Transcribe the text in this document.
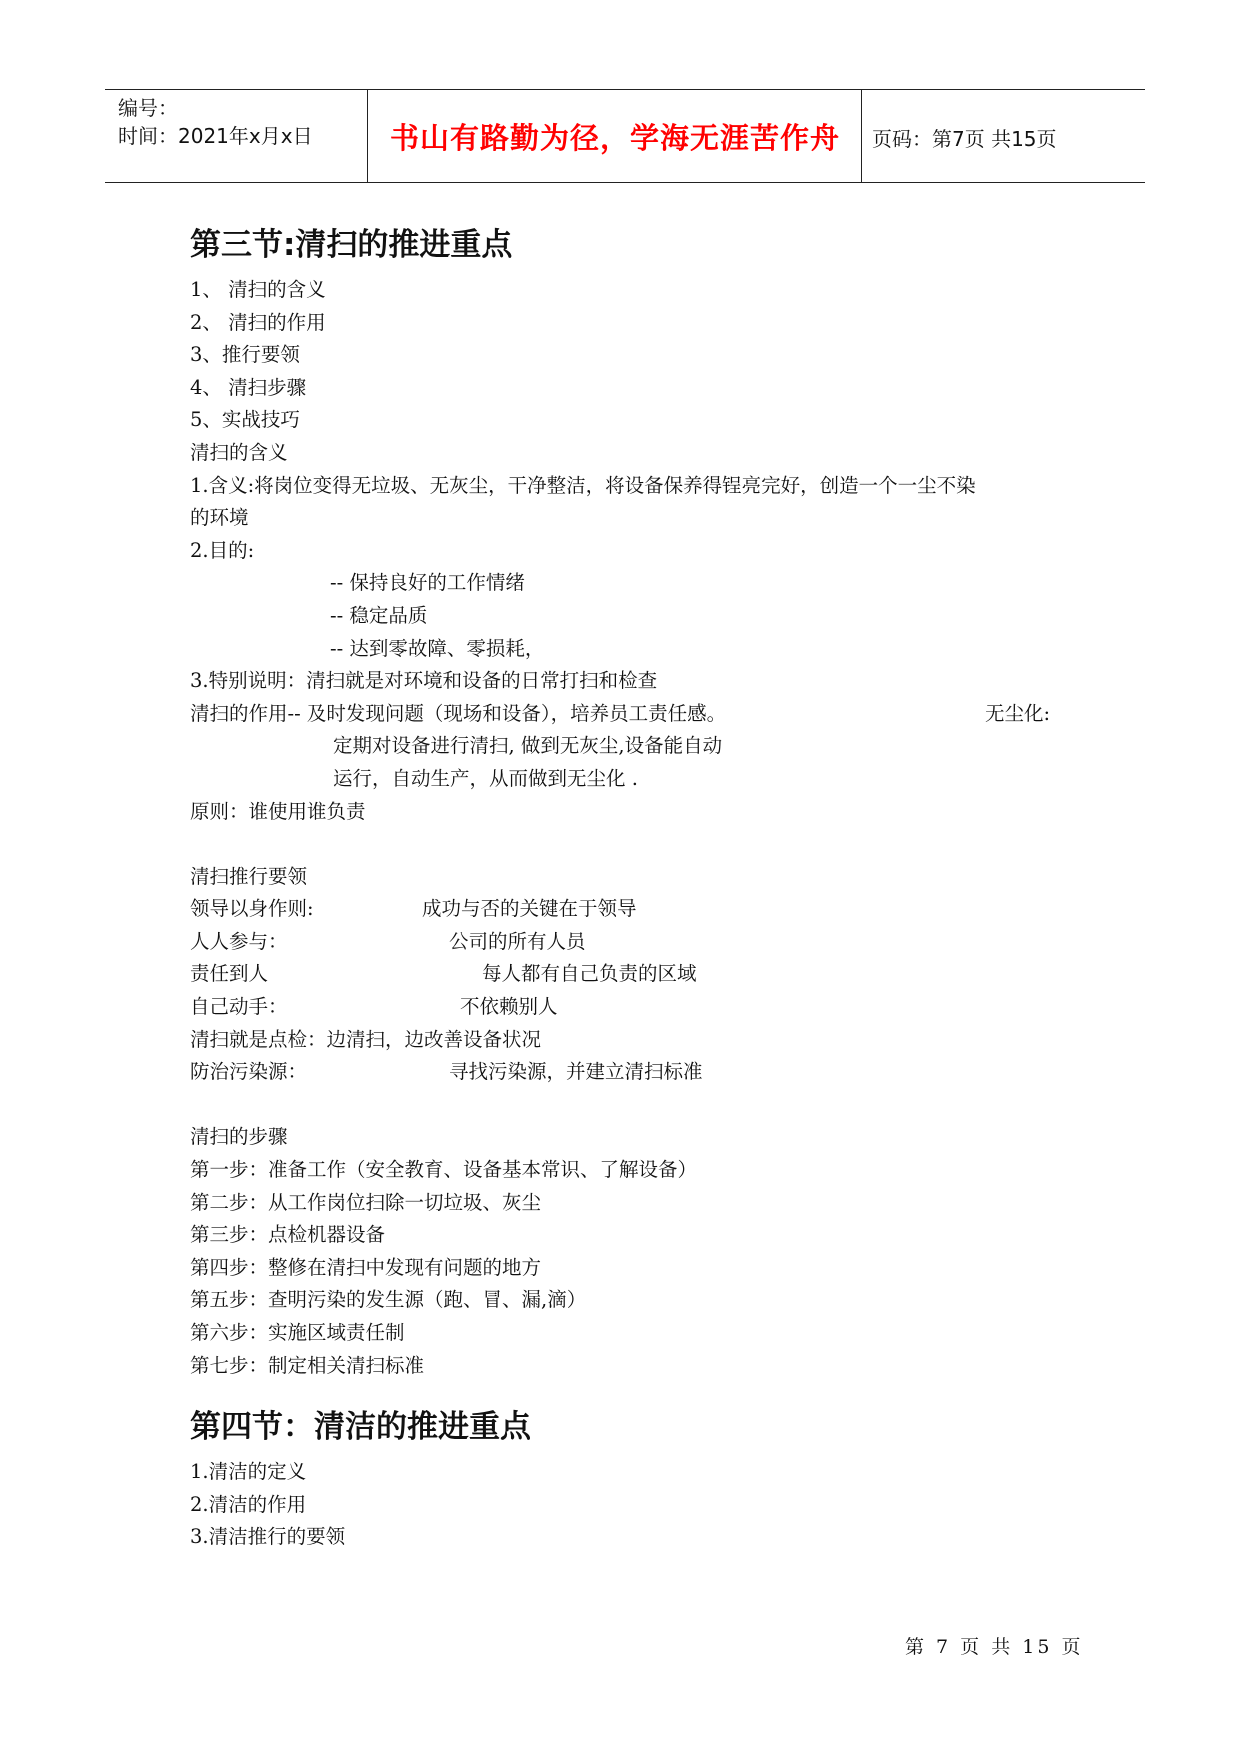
编号：
时间：2021年x月x日	书山有路勤为径，学海无涯苦作舟	页码：第7页 共15页
第三节:清扫的推进重点
1、 清扫的含义
2、 清扫的作用
3、推行要领
4、 清扫步骤
5、实战技巧
清扫的含义
1.含义:将岗位变得无垃圾、无灰尘，干净整洁，将设备保养得锃亮完好，创造一个一尘不染
的环境
2.目的:
-- 保持良好的工作情绪
-- 稳定品质
-- 达到零故障、零损耗，
3.特别说明：清扫就是对环境和设备的日常打扫和检查
清扫的作用-- 及时发现问题（现场和设备），培养员工责任感。	无尘化:
定期对设备进行清扫, 做到无灰尘,设备能自动
运行，自动生产，从而做到无尘化 .
原则：谁使用谁负责
清扫推行要领
领导以身作则:	成功与否的关键在于领导
人人参与：	公司的所有人员
责任到人	每人都有自己负责的区域
自己动手：	不依赖别人
清扫就是点检：边清扫，边改善设备状况
防治污染源：	寻找污染源，并建立清扫标准
清扫的步骤
第一步：准备工作（安全教育、设备基本常识、了解设备）
第二步：从工作岗位扫除一切垃圾、灰尘
第三步：点检机器设备
第四步：整修在清扫中发现有问题的地方
第五步：查明污染的发生源（跑、冒、漏,滴）
第六步：实施区域责任制
第七步：制定相关清扫标准
第四节：清洁的推进重点
1.清洁的定义
2.清洁的作用
3.清洁推行的要领
第 7 页 共 15 页
